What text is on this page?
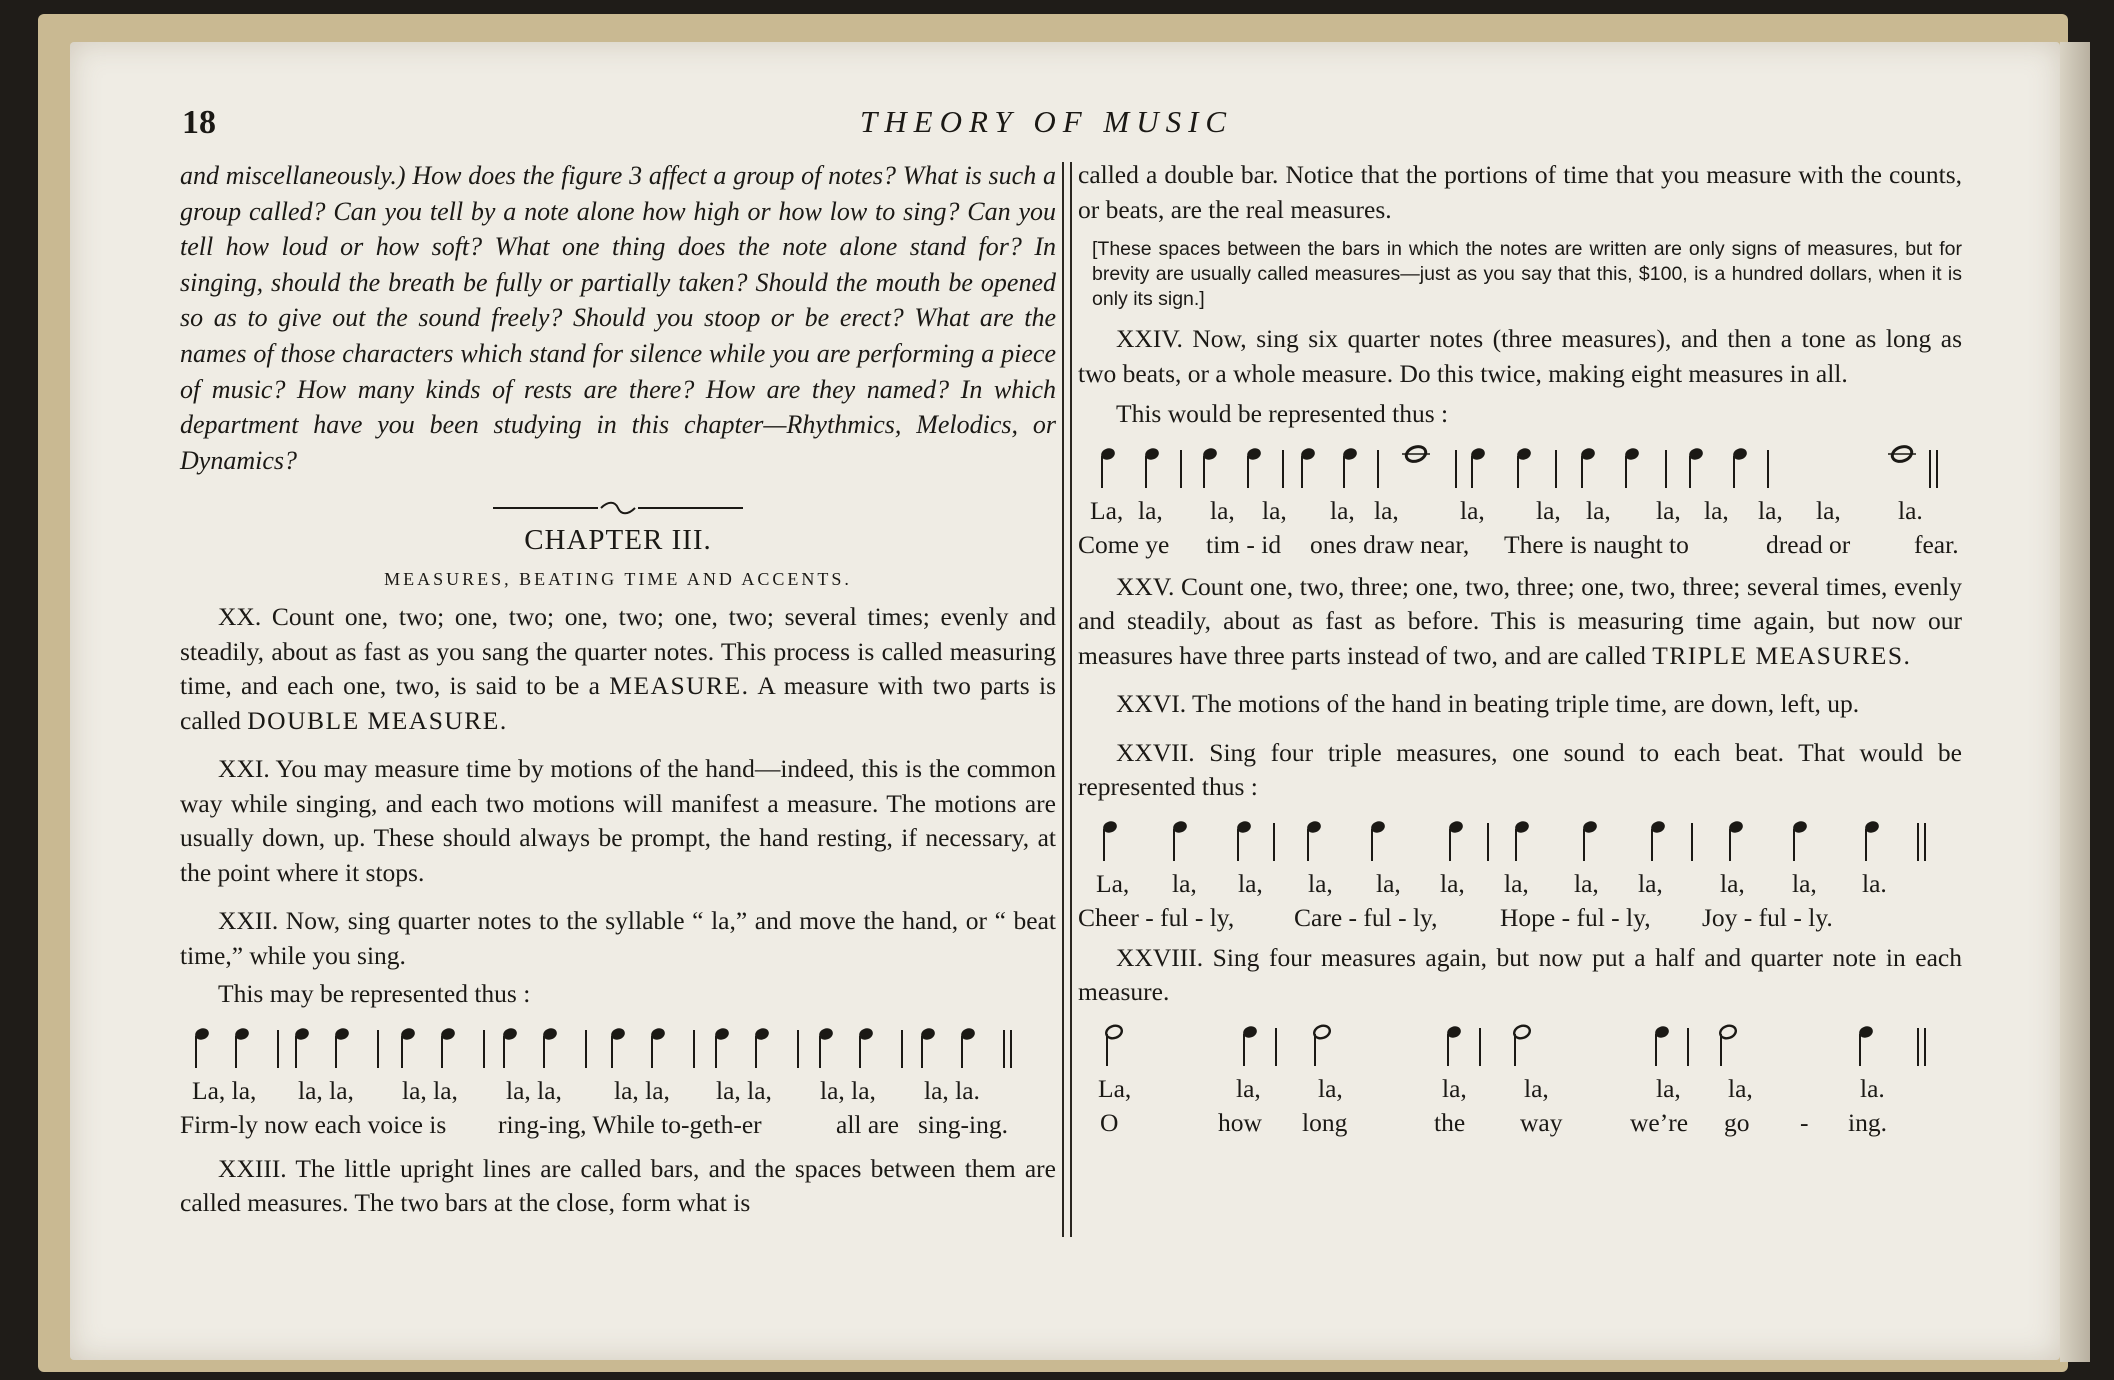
18	THEORY OF MUSIC

and miscellaneously.) How does the figure 3 affect a group of notes? What is such a group called? Can you tell by a note alone how high or how low to sing? Can you tell how loud or how soft? What one thing does the note alone stand for? In singing, should the breath be fully or partially taken? Should the mouth be opened so as to give out the sound freely? Should you stoop or be erect? What are the names of those characters which stand for silence while you are performing a piece of music? How many kinds of rests are there? How are they named? In which department have you been studying in this chapter—Rhythmics, Melodics, or Dynamics?

CHAPTER III.
MEASURES, BEATING TIME AND ACCENTS.

XX. Count one, two; one, two; one, two; one, two; several times; evenly and steadily, about as fast as you sang the quarter notes. This process is called measuring time, and each one, two, is said to be a MEASURE. A measure with two parts is called DOUBLE MEASURE.

XXI. You may measure time by motions of the hand—indeed, this is the common way while singing, and each two motions will manifest a measure. The motions are usually down, up. These should always be prompt, the hand resting, if necessary, at the point where it stops.

XXII. Now, sing quarter notes to the syllable “ la,” and move the hand, or “ beat time,” while you sing.

This may be represented thus :

La, la, la, la, la, la, la, la, la, la, la, la, la, la, la, la.
Firm-ly now each voice is ring-ing, While to-geth-er	all are sing-ing.

XXIII. The little upright lines are called bars, and the spaces between them are called measures. The two bars at the close, form what is

called a double bar. Notice that the portions of time that you measure with the counts, or beats, are the real measures.

[These spaces between the bars in which the notes are written are only signs of measures, but for brevity are usually called measures—just as you say that this, $100, is a hundred dollars, when it is only its sign.]

XXIV. Now, sing six quarter notes (three measures), and then a tone as long as two beats, or a whole measure. Do this twice, making eight measures in all.

This would be represented thus :

La, la, la, la, la, la, la, la, la, la, la, la, la, la.
Come ye tim - id ones draw near, There is naught to	dread or	fear.

XXV. Count one, two, three; one, two, three; one, two, three; several times, evenly and steadily, about as fast as before. This is measuring time again, but now our measures have three parts instead of two, and are called TRIPLE MEASURES.

XXVI. The motions of the hand in beating triple time, are down, left, up.

XXVII. Sing four triple measures, one sound to each beat. That would be represented thus :

La, la, la, la, la, la, la, la, la, la, la, la.
Cheer - ful - ly, Care - ful - ly, Hope - ful - ly, Joy - ful - ly.

XXVIII. Sing four measures again, but now put a half and quarter note in each measure.

La,	la, la,	la, la,	la, la,	la.
O	how long	the way	we’re go - ing.
